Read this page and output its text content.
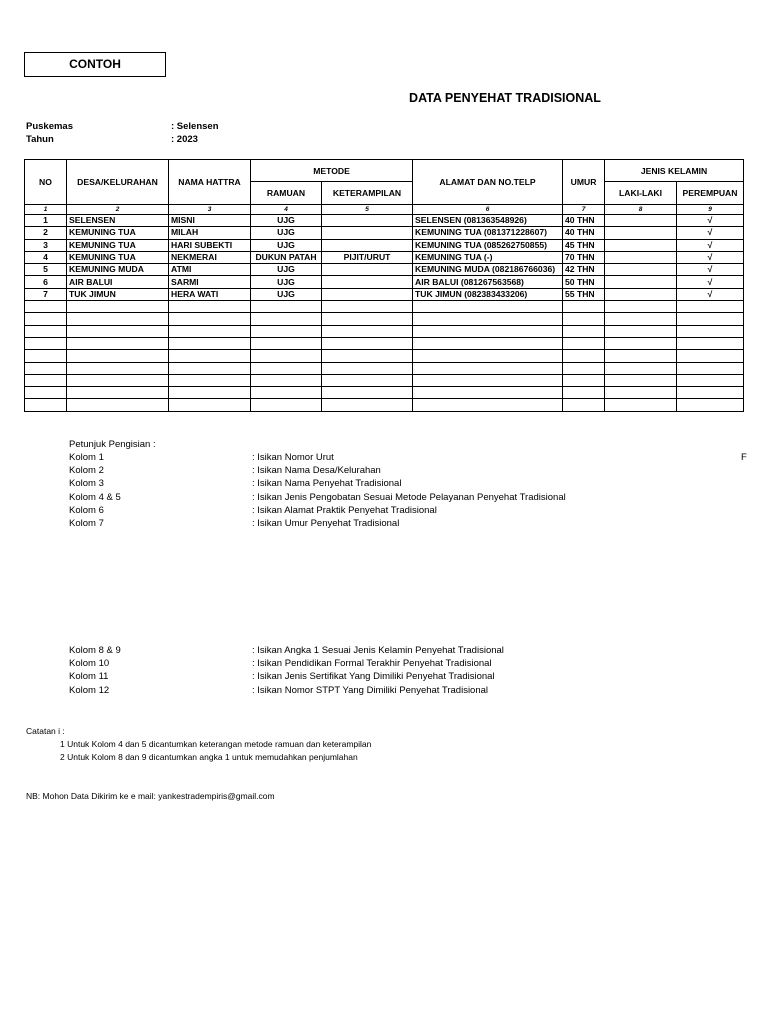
CONTOH
DATA PENYEHAT TRADISIONAL
Puskemas	: Selensen
Tahun	: 2023
NO	DESA/KELURAHAN	NAMA HATTRA	METODE		ALAMAT DAN NO.TELP	UMUR	JENIS KELAMIN	
			RAMUAN	KETERAMPILAN			LAKI-LAKI	PEREMPUAN
1	2	3	4	5	6	7	8	9
1	SELENSEN	MISNI	UJG		SELENSEN (081363548926)	40 THN		√
2	KEMUNING TUA	MILAH	UJG		KEMUNING TUA (081371228607)	40 THN		√
3	KEMUNING TUA	HARI SUBEKTI	UJG		KEMUNING TUA (085262750855)	45 THN		√
4	KEMUNING TUA	NEKMERAI	DUKUN PATAH	PIJIT/URUT	KEMUNING TUA (-)	70 THN		√
5	KEMUNING MUDA	ATMI	UJG		KEMUNING MUDA (082186766036)	42 THN		√
6	AIR BALUI	SARMI	UJG		AIR BALUI (081267563568)	50 THN		√
7	TUK JIMUN	HERA WATI	UJG		TUK JIMUN (082383433206)	55 THN		√

Petunjuk Pengisian :
Kolom 1	: Isikan Nomor Urut
Kolom 2	: Isikan Nama Desa/Kelurahan
Kolom 3	: Isikan Nama Penyehat Tradisional
Kolom 4 & 5	: Isikan Jenis Pengobatan Sesuai Metode Pelayanan Penyehat Tradisional
Kolom 6	: Isikan Alamat Praktik Penyehat Tradisional
Kolom 7	: Isikan Umur Penyehat Tradisional
Kolom 8 & 9	: Isikan Angka 1 Sesuai Jenis Kelamin Penyehat Tradisional
Kolom 10	: Isikan Pendidikan Formal Terakhir Penyehat Tradisional
Kolom 11	: Isikan Jenis Sertifikat Yang Dimiliki Penyehat Tradisional
Kolom 12	: Isikan Nomor STPT Yang Dimiliki Penyehat Tradisional
F
Catatan i :
1 Untuk Kolom 4 dan 5 dicantumkan keterangan metode ramuan dan keterampilan
2 Untuk Kolom 8 dan 9 dicantumkan angka 1 untuk memudahkan penjumlahan
NB: Mohon Data Dikirim ke e mail: yankestradempiris@gmail.com
